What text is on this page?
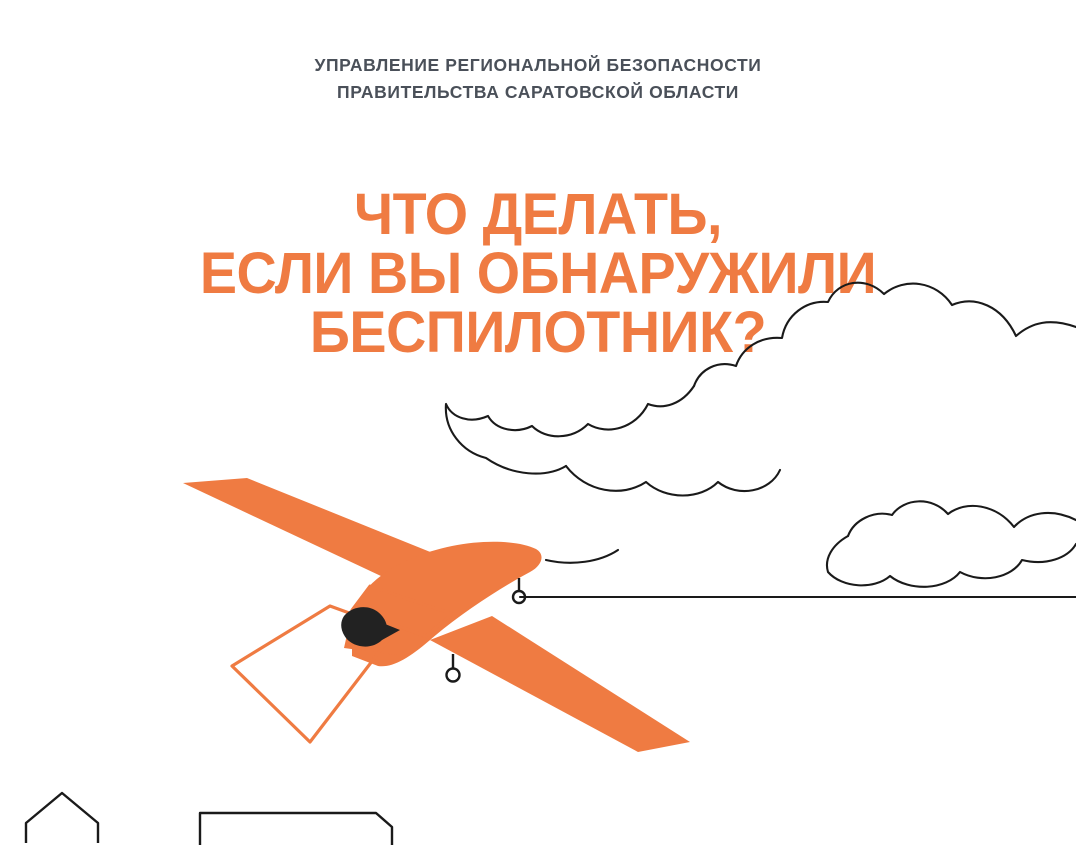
УПРАВЛЕНИЕ РЕГИОНАЛЬНОЙ БЕЗОПАСНОСТИ
ПРАВИТЕЛЬСТВА САРАТОВСКОЙ ОБЛАСТИ
ЧТО ДЕЛАТЬ,
ЕСЛИ ВЫ ОБНАРУЖИЛИ
БЕСПИЛОТНИК?
